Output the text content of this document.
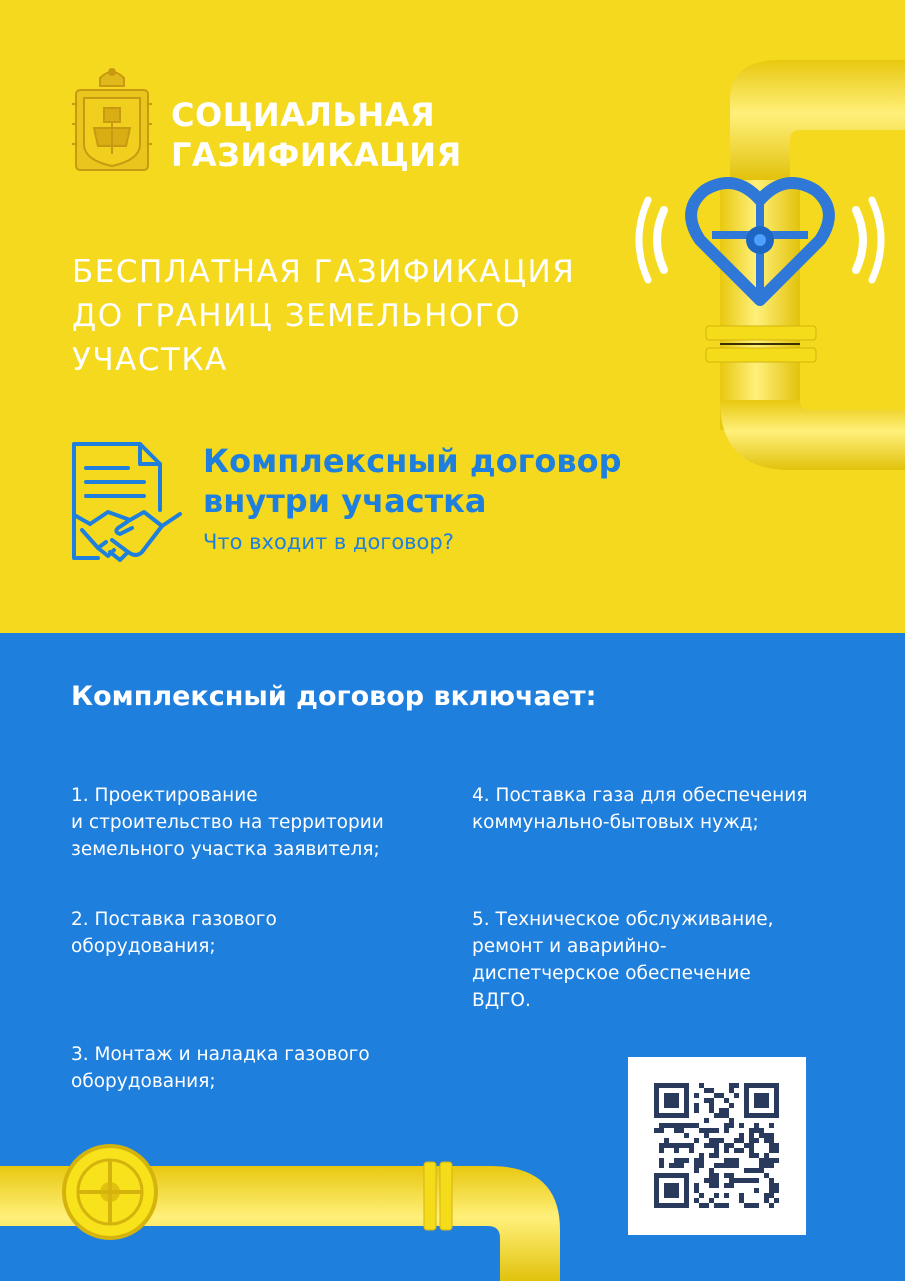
СОЦИАЛЬНАЯ
ГАЗИФИКАЦИЯ
БЕСПЛАТНАЯ ГАЗИФИКАЦИЯ
ДО ГРАНИЦ ЗЕМЕЛЬНОГО
УЧАСТКА
Комплексный договор
внутри участка
Что входит в договор?
Комплексный договор включает:
1. Проектирование
и строительство на территории
земельного участка заявителя;
2. Поставка газового
оборудования;
3. Монтаж и наладка газового
оборудования;
4. Поставка газа для обеспечения
коммунально-бытовых нужд;
5. Техническое обслуживание,
ремонт и аварийно-
диспетчерское обеспечение
ВДГО.
